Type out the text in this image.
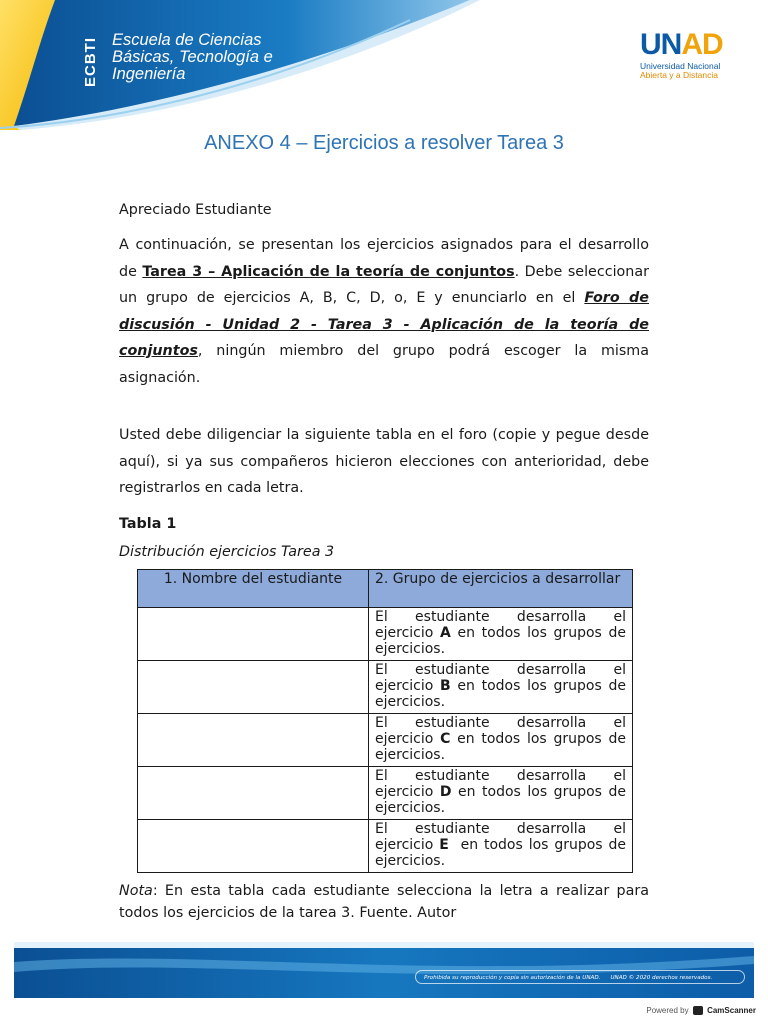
ECBTI Escuela de Ciencias
Básicas, Tecnología e
Ingeniería
UNAD
Universidad Nacional
Abierta y a Distancia
ANEXO 4 – Ejercicios a resolver Tarea 3
Apreciado Estudiante
A continuación, se presentan los ejercicios asignados para el desarrollo de Tarea 3 – Aplicación de la teoría de conjuntos. Debe seleccionar un grupo de ejercicios A, B, C, D, o, E y enunciarlo en el Foro de discusión - Unidad 2 - Tarea 3 - Aplicación de la teoría de conjuntos, ningún miembro del grupo podrá escoger la misma asignación.
Usted debe diligenciar la siguiente tabla en el foro (copie y pegue desde aquí), si ya sus compañeros hicieron elecciones con anterioridad, debe registrarlos en cada letra.
Tabla 1
Distribución ejercicios Tarea 3
1. Nombre del estudiante	2. Grupo de ejercicios a desarrollar

	El estudiante desarrolla el
ejercicio A en todos los grupos de ejercicios.

	El estudiante desarrolla el
ejercicio B en todos los grupos de ejercicios.

	El estudiante desarrolla el
ejercicio C en todos los grupos de ejercicios.

	El estudiante desarrolla el
ejercicio D en todos los grupos de ejercicios.

	El estudiante desarrolla el
ejercicio E  en todos los grupos de ejercicios.
Nota: En esta tabla cada estudiante selecciona la letra a realizar para todos los ejercicios de la tarea 3. Fuente. Autor
Prohibida su reproducción y copia sin autorización de la UNAD. UNAD © 2020 derechos reservados.
Powered by CamScanner
